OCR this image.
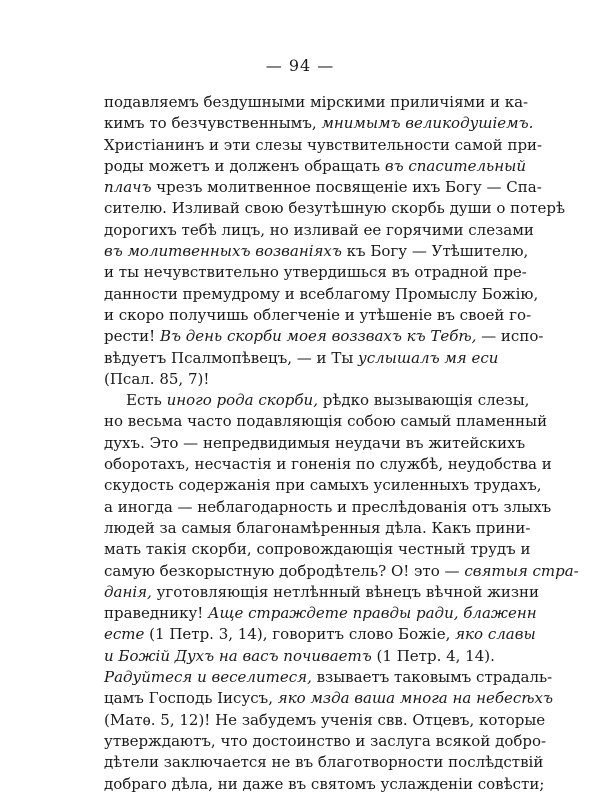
— 94 —
подавляемъ бездушными мірскими приличіями и ка-
кимъ то безчувственнымъ, мнимымъ великодушіемъ.
Христіанинъ и эти слезы чувствительности самой при-
роды можетъ и долженъ обращать въ спасительный
плачъ чрезъ молитвенное посвященіе ихъ Богу — Спа-
сителю. Изливай свою безутѣшную скорбь души о потерѣ
дорогихъ тебѣ лицъ, но изливай ее горячими слезами
въ молитвенныхъ возваніяхъ къ Богу — Утѣшителю,
и ты нечувствительно утвердишься въ отрадной пре-
данности премудрому и всеблагому Промыслу Божію,
и скоро получишь облегченіе и утѣшеніе въ своей го-
рести! Въ день скорби моея воззвахъ къ Тебѣ, — испо-
вѣдуетъ Псалмопѣвецъ, — и Ты услышалъ мя еси
(Псал. 85, 7)!
Есть иного рода скорби, рѣдко вызывающія слезы,
но весьма часто подавляющія собою самый пламенный
духъ. Это — непредвидимыя неудачи въ житейскихъ
оборотахъ, несчастія и гоненія по службѣ, неудобства и
скудость содержанія при самыхъ усиленныхъ трудахъ,
а иногда — неблагодарность и преслѣдованія отъ злыхъ
людей за самыя благонамѣренныя дѣла. Какъ прини-
мать такія скорби, сопровождающія честный трудъ и
самую безкорыстную добродѣтель? О! это — святыя стра-
данія, уготовляющія нетлѣнный вѣнецъ вѣчной жизни
праведнику! Аще страждете правды ради, блаженн
есте (1 Петр. 3, 14), говоритъ слово Божіе, яко славы
и Божій Духъ на васъ почиваетъ (1 Петр. 4, 14).
Радуйтеся и веселитеся, взываетъ таковымъ страдаль-
цамъ Господь Іисусъ, яко мзда ваша многа на небесѣхъ
(Матѳ. 5, 12)! Не забудемъ ученія свв. Отцевъ, которые
утверждаютъ, что достоинство и заслуга всякой добро-
дѣтели заключается не въ благотворности послѣдствій
добраго дѣла, ни даже въ святомъ услажденіи совѣсти;
